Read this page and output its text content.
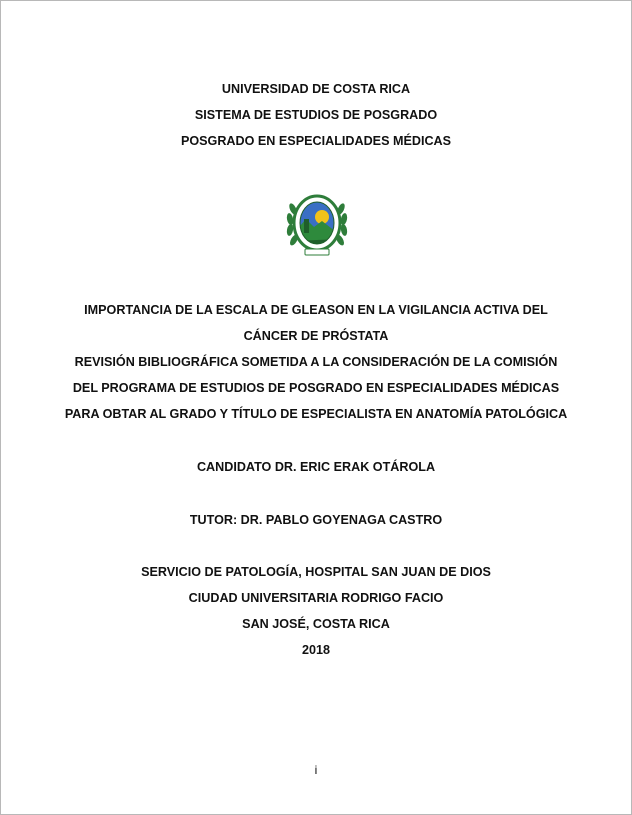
UNIVERSIDAD DE COSTA RICA
SISTEMA DE ESTUDIOS DE POSGRADO
POSGRADO EN ESPECIALIDADES MÉDICAS
IMPORTANCIA DE LA ESCALA DE GLEASON EN LA VIGILANCIA ACTIVA DEL
CÁNCER DE PRÓSTATA
REVISIÓN BIBLIOGRÁFICA SOMETIDA A LA CONSIDERACIÓN DE LA COMISIÓN
DEL PROGRAMA DE ESTUDIOS DE POSGRADO EN ESPECIALIDADES MÉDICAS
PARA OBTAR AL GRADO Y TÍTULO DE ESPECIALISTA EN ANATOMÍA PATOLÓGICA
CANDIDATO DR. ERIC ERAK OTÁROLA
TUTOR: DR. PABLO GOYENAGA CASTRO
SERVICIO DE PATOLOGÍA, HOSPITAL SAN JUAN DE DIOS
CIUDAD UNIVERSITARIA RODRIGO FACIO
SAN JOSÉ, COSTA RICA
2018
i
